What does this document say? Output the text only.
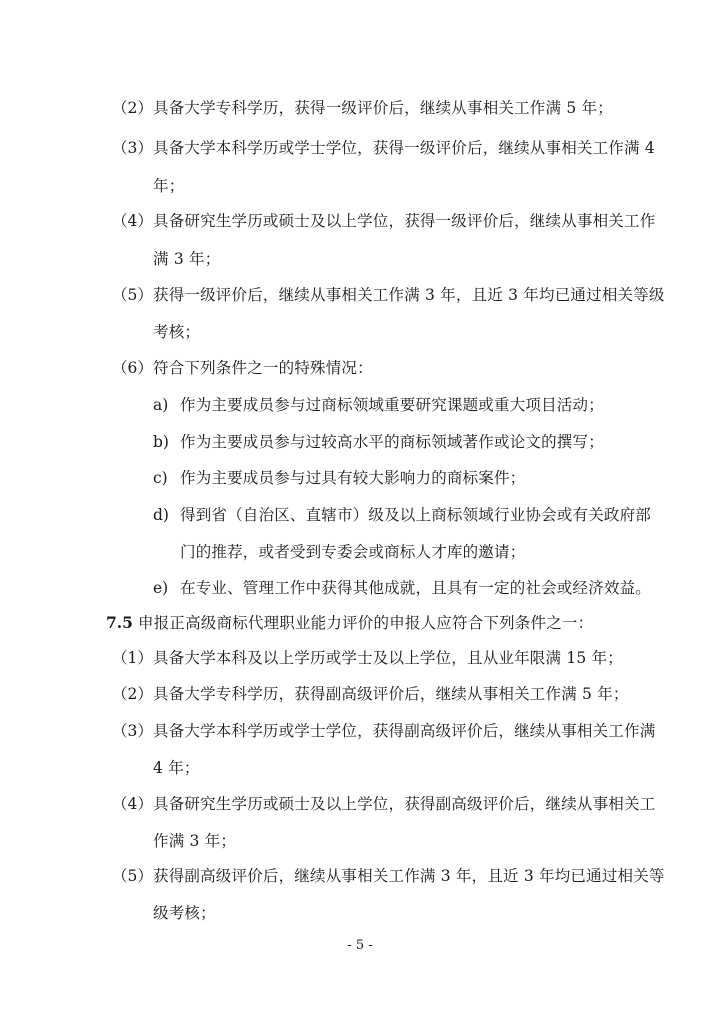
（2） 具备大学专科学历，获得一级评价后，继续从事相关工作满 5 年；
（3） 具备大学本科学历或学士学位，获得一级评价后，继续从事相关工作满 4
年；
（4） 具备研究生学历或硕士及以上学位，获得一级评价后，继续从事相关工作
满 3 年；
（5） 获得一级评价后，继续从事相关工作满 3 年，且近 3 年均已通过相关等级
考核；
（6） 符合下列条件之一的特殊情况：
a) 作为主要成员参与过商标领域重要研究课题或重大项目活动；
b) 作为主要成员参与过较高水平的商标领域著作或论文的撰写；
c) 作为主要成员参与过具有较大影响力的商标案件；
d) 得到省（自治区、直辖市）级及以上商标领域行业协会或有关政府部
门的推荐，或者受到专委会或商标人才库的邀请；
e) 在专业、管理工作中获得其他成就，且具有一定的社会或经济效益。
7.5 申报正高级商标代理职业能力评价的申报人应符合下列条件之一：
（1） 具备大学本科及以上学历或学士及以上学位，且从业年限满 15 年；
（2） 具备大学专科学历，获得副高级评价后，继续从事相关工作满 5 年；
（3） 具备大学本科学历或学士学位，获得副高级评价后，继续从事相关工作满
4 年；
（4） 具备研究生学历或硕士及以上学位，获得副高级评价后，继续从事相关工
作满 3 年；
（5） 获得副高级评价后，继续从事相关工作满 3 年，且近 3 年均已通过相关等
级考核；
- 5 -
